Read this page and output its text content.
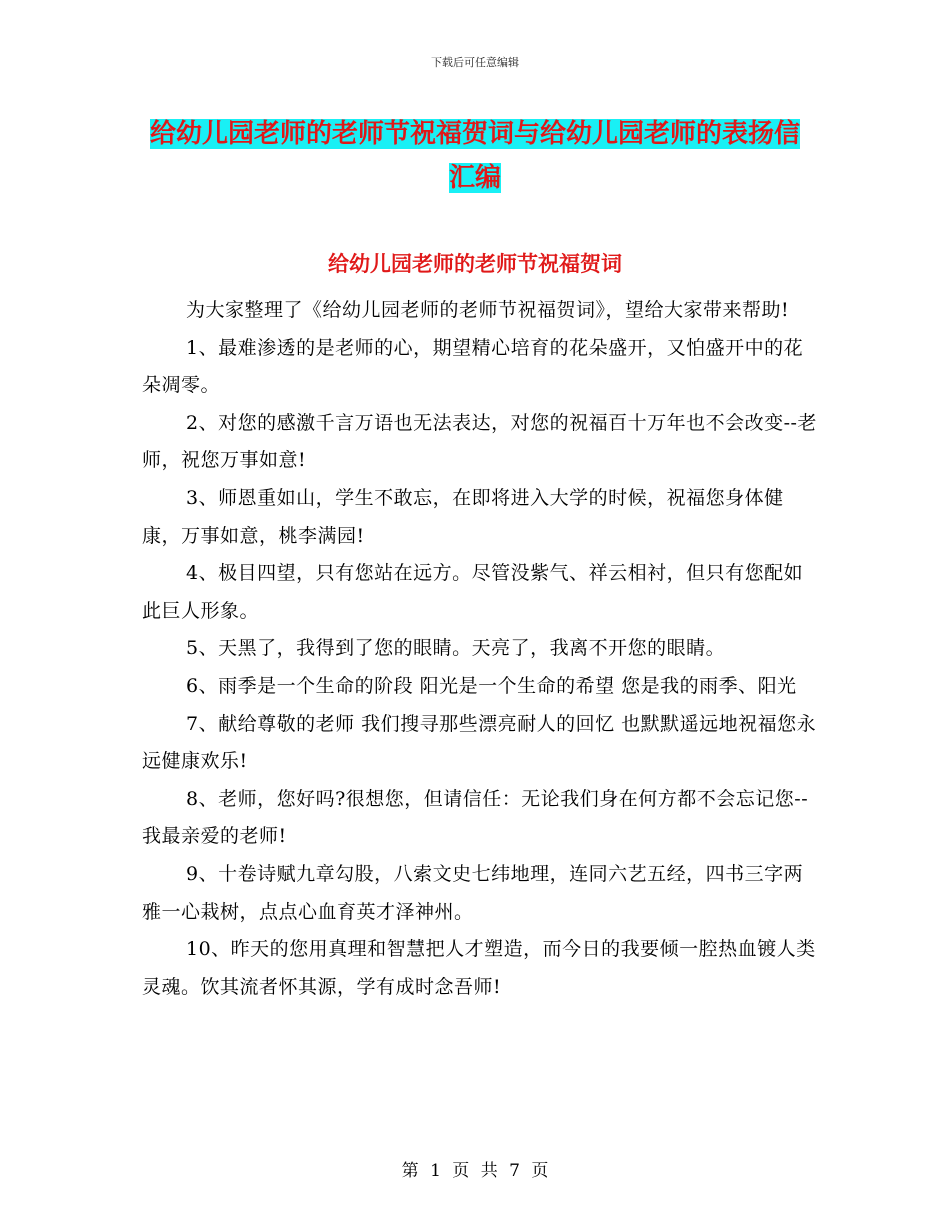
下载后可任意编辑
给幼儿园老师的老师节祝福贺词与给幼儿园老师的表扬信汇编
给幼儿园老师的老师节祝福贺词

为大家整理了《给幼儿园老师的老师节祝福贺词》，望给大家带来帮助!

1、最难渗透的是老师的心，期望精心培育的花朵盛开，又怕盛开中的花朵凋零。

2、对您的感激千言万语也无法表达，对您的祝福百十万年也不会改变--老师，祝您万事如意!

3、师恩重如山，学生不敢忘，在即将进入大学的时候，祝福您身体健康，万事如意，桃李满园!

4、极目四望，只有您站在远方。尽管没紫气、祥云相衬，但只有您配如此巨人形象。

5、天黑了，我得到了您的眼睛。天亮了，我离不开您的眼睛。

6、雨季是一个生命的阶段 阳光是一个生命的希望 您是我的雨季、阳光

7、献给尊敬的老师 我们搜寻那些漂亮耐人的回忆 也默默遥远地祝福您永远健康欢乐!

8、老师，您好吗?很想您，但请信任：无论我们身在何方都不会忘记您--我最亲爱的老师!

9、十卷诗赋九章勾股，八索文史七纬地理，连同六艺五经，四书三字两雅一心栽树，点点心血育英才泽神州。

10、昨天的您用真理和智慧把人才塑造，而今日的我要倾一腔热血镀人类灵魂。饮其流者怀其源，学有成时念吾师!

第 1 页 共 7 页
